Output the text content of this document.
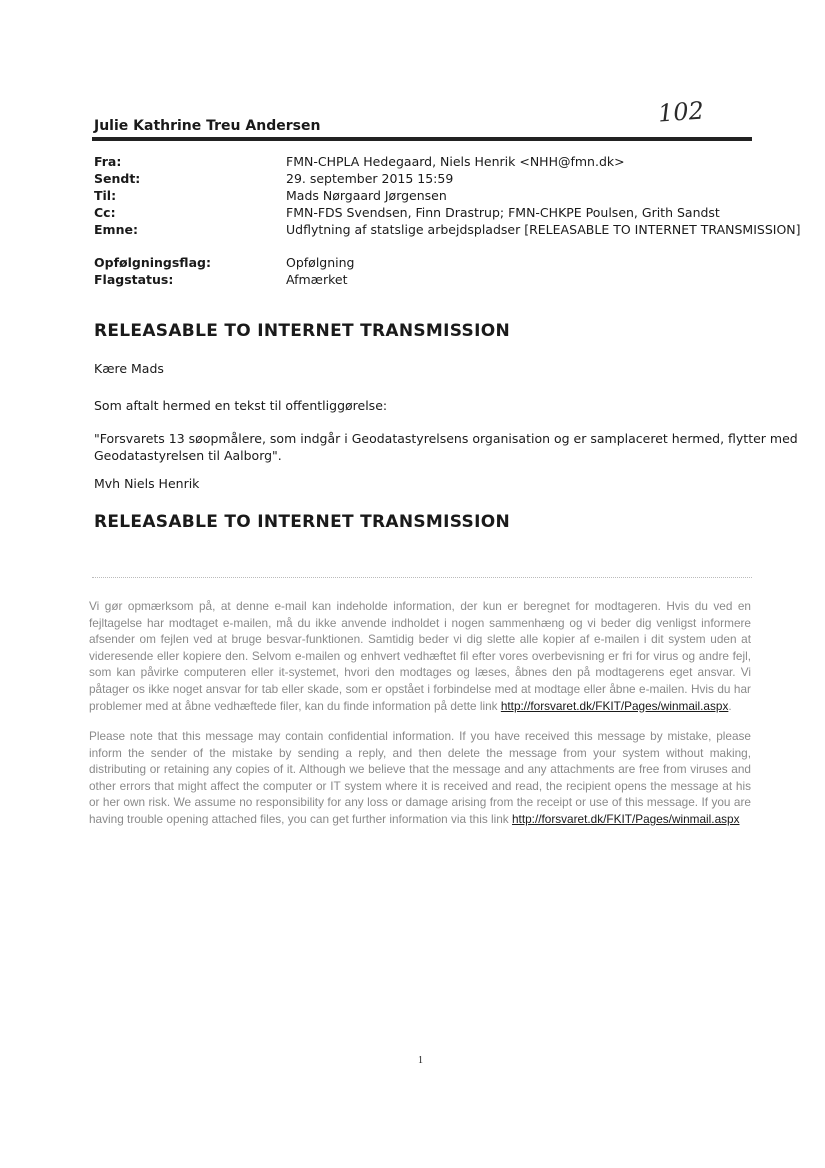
102
Julie Kathrine Treu Andersen
Fra:	FMN-CHPLA Hedegaard, Niels Henrik <NHH@fmn.dk>
Sendt:	29. september 2015 15:59
Til:	Mads Nørgaard Jørgensen
Cc:	FMN-FDS Svendsen, Finn Drastrup; FMN-CHKPE Poulsen, Grith Sandst
Emne:	Udflytning af statslige arbejdspladser [RELEASABLE TO INTERNET TRANSMISSION]
Opfølgningsflag:	Opfølgning
Flagstatus:	Afmærket
RELEASABLE TO INTERNET TRANSMISSION
Kære Mads
Som aftalt hermed en tekst til offentliggørelse:
"Forsvarets 13 søopmålere, som indgår i Geodatastyrelsens organisation og er samplaceret hermed, flytter med
Geodatastyrelsen til Aalborg".
Mvh Niels Henrik
RELEASABLE TO INTERNET TRANSMISSION
Vi gør opmærksom på, at denne e-mail kan indeholde information, der kun er beregnet for modtageren. Hvis du ved en fejltagelse har modtaget e-mailen, må du ikke anvende indholdet i nogen sammenhæng og vi beder dig venligst informere afsender om fejlen ved at bruge besvar-funktionen. Samtidig beder vi dig slette alle kopier af e-mailen i dit system uden at videresende eller kopiere den. Selvom e-mailen og enhvert vedhæftet fil efter vores overbevisning er fri for virus og andre fejl, som kan påvirke computeren eller it-systemet, hvori den modtages og læses, åbnes den på modtagerens eget ansvar. Vi påtager os ikke noget ansvar for tab eller skade, som er opstået i forbindelse med at modtage eller åbne e-mailen. Hvis du har problemer med at åbne vedhæftede filer, kan du finde information på dette link http://forsvaret.dk/FKIT/Pages/winmail.aspx.
Please note that this message may contain confidential information. If you have received this message by mistake, please inform the sender of the mistake by sending a reply, and then delete the message from your system without making, distributing or retaining any copies of it. Although we believe that the message and any attachments are free from viruses and other errors that might affect the computer or IT system where it is received and read, the recipient opens the message at his or her own risk. We assume no responsibility for any loss or damage arising from the receipt or use of this message. If you are having trouble opening attached files, you can get further information via this link http://forsvaret.dk/FKIT/Pages/winmail.aspx
1
